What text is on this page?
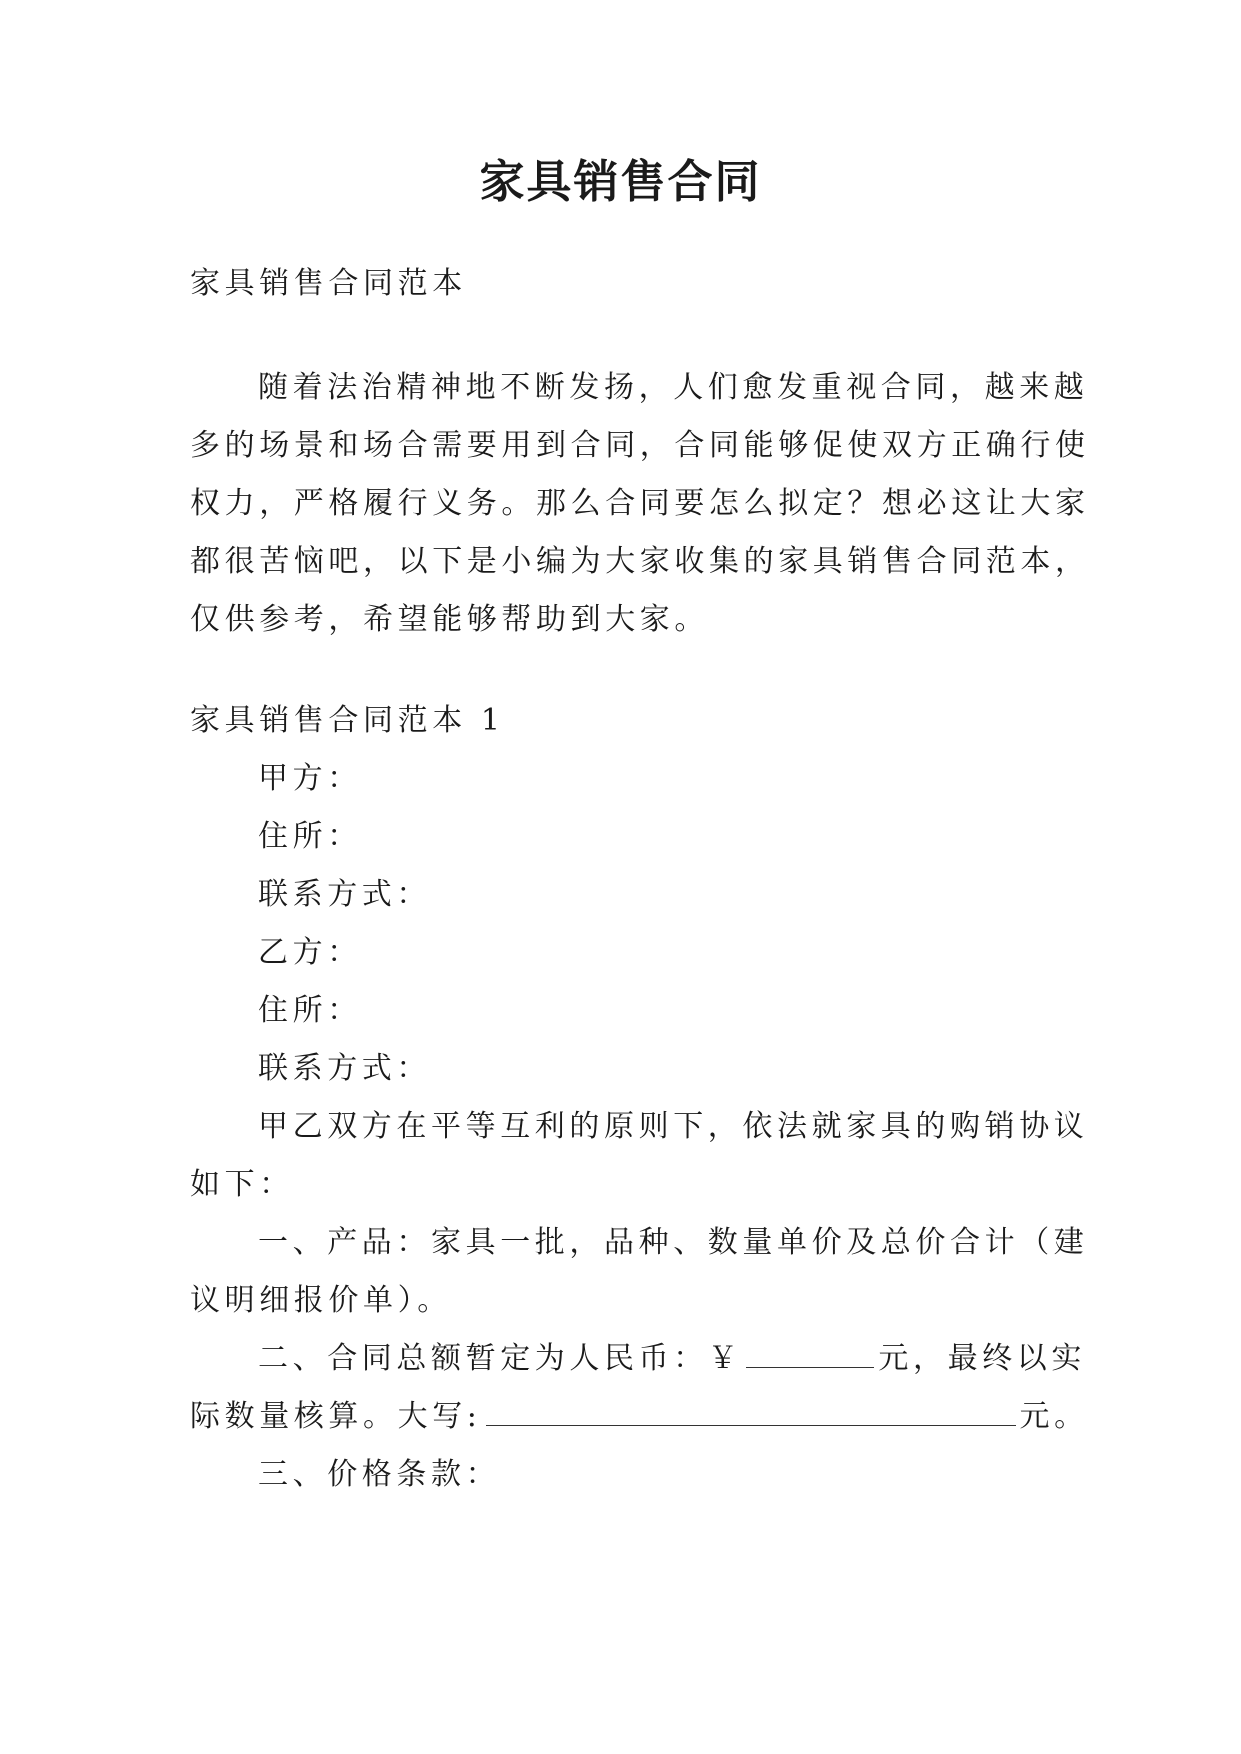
家具销售合同

家具销售合同范本

随着法治精神地不断发扬，人们愈发重视合同，越来越

多的场景和场合需要用到合同，合同能够促使双方正确行使

权力，严格履行义务。那么合同要怎么拟定？想必这让大家

都很苦恼吧，以下是小编为大家收集的家具销售合同范本，

仅供参考，希望能够帮助到大家。

家具销售合同范本 1

甲方：

住所：

联系方式：

乙方：

住所：

联系方式：

甲乙双方在平等互利的原则下，依法就家具的购销协议

如下：

一、产品：家具一批，品种、数量单价及总价合计（建

议明细报价单）。

二、合同总额暂定为人民币：￥	元，最终以实

际数量核算。大写:	元。

三、价格条款：
